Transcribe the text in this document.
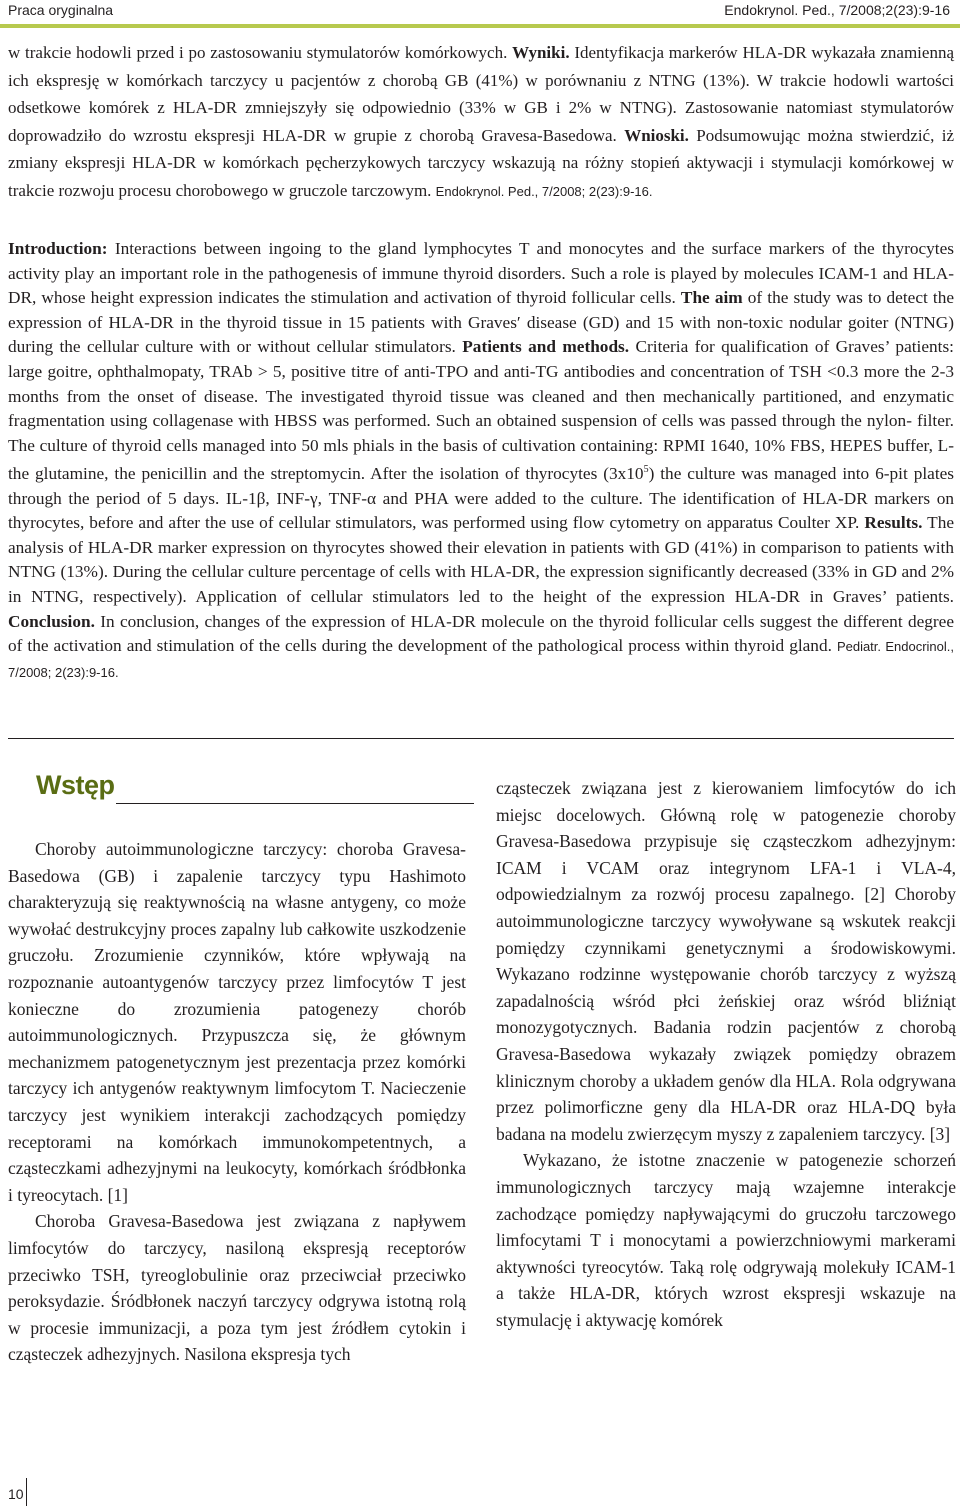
Praca oryginalna	Endokrynol. Ped., 7/2008;2(23):9-16
w trakcie hodowli przed i po zastosowaniu stymulatorów komórkowych. Wyniki. Identyfikacja markerów HLA-DR wykazała znamienną ich ekspresję w komórkach tarczycy u pacjentów z chorobą GB (41%) w porównaniu z NTNG (13%). W trakcie hodowli wartości odsetkowe komórek z HLA-DR zmniejszyły się odpowiednio (33% w GB i 2% w NTNG). Zastosowanie natomiast stymulatorów doprowadziło do wzrostu ekspresji HLA-DR w grupie z chorobą Gravesa-Basedowa. Wnioski. Podsumowując można stwierdzić, iż zmiany ekspresji HLA-DR w komórkach pęcherzykowych tarczycy wskazują na różny stopień aktywacji i stymulacji komórkowej w trakcie rozwoju procesu chorobowego w gruczole tarczowym. Endokrynol. Ped., 7/2008; 2(23):9-16.
Introduction: Interactions between ingoing to the gland lymphocytes T and monocytes and the surface markers of the thyrocytes activity play an important role in the pathogenesis of immune thyroid disorders. Such a role is played by molecules ICAM-1 and HLA-DR, whose height expression indicates the stimulation and activation of thyroid follicular cells. The aim of the study was to detect the expression of HLA-DR in the thyroid tissue in 15 patients with Graves′ disease (GD) and 15 with non-toxic nodular goiter (NTNG) during the cellular culture with or without cellular stimulators. Patients and methods. Criteria for qualification of Graves’ patients: large goitre, ophthalmopaty, TRAb > 5, positive titre of anti-TPO and anti-TG antibodies and concentration of TSH <0.3 more the 2-3 months from the onset of disease. The investigated thyroid tissue was cleaned and then mechanically partitioned, and enzymatic fragmentation using collagenase with HBSS was performed. Such an obtained suspension of cells was passed through the nylon- filter. The culture of thyroid cells managed into 50 mls phials in the basis of cultivation containing: RPMI 1640, 10% FBS, HEPES buffer, L-the glutamine, the penicillin and the streptomycin. After the isolation of thyrocytes $(3x10^5)$ the culture was managed into 6-pit plates through the period of 5 days. IL-1β, INF-γ, TNF-α and PHA were added to the culture. The identification of HLA-DR markers on thyrocytes, before and after the use of cellular stimulators, was performed using flow cytometry on apparatus Coulter XP. Results. The analysis of HLA-DR marker expression on thyrocytes showed their elevation in patients with GD (41%) in comparison to patients with NTNG (13%). During the cellular culture percentage of cells with HLA-DR, the expression significantly decreased (33% in GD and 2% in NTNG, respectively). Application of cellular stimulators led to the height of the expression HLA-DR in Graves’ patients. Conclusion. In conclusion, changes of the expression of HLA-DR molecule on the thyroid follicular cells suggest the different degree of the activation and stimulation of the cells during the development of the pathological process within thyroid gland. Pediatr. Endocrinol., 7/2008; 2(23):9-16.
Wstęp

Choroby autoimmunologiczne tarczycy: choroba Gravesa-Basedowa (GB) i zapalenie tarczycy typu Hashimoto charakteryzują się reaktywnością na własne antygeny, co może wywołać destrukcyjny proces zapalny lub całkowite uszkodzenie gruczołu. Zrozumienie czynników, które wpływają na rozpoznanie autoantygenów tarczycy przez limfocytów T jest konieczne do zrozumienia patogenezy chorób autoimmunologicznych. Przypuszcza się, że głównym mechanizmem patogenetycznym jest prezentacja przez komórki tarczycy ich antygenów reaktywnym limfocytom T. Nacieczenie tarczycy jest wynikiem interakcji zachodzących pomiędzy receptorami na komórkach immunokompetentnych, a cząsteczkami adhezyjnymi na leukocyty, komórkach śródbłonka i tyreocytach. [1]

Choroba Gravesa-Basedowa jest związana z napływem limfocytów do tarczycy, nasiloną ekspresją receptorów przeciwko TSH, tyreoglobulinie oraz przeciwciał przeciwko peroksydazie. Śródbłonek naczyń tarczycy odgrywa istotną rolą w procesie immunizacji, a poza tym jest źródłem cytokin i cząsteczek adhezyjnych. Nasilona ekspresja tych

cząsteczek związana jest z kierowaniem limfocytów do ich miejsc docelowych. Główną rolę w patogenezie choroby Gravesa-Basedowa przypisuje się cząsteczkom adhezyjnym: ICAM i VCAM oraz integrynom LFA-1 i VLA-4, odpowiedzialnym za rozwój procesu zapalnego. [2] Choroby autoimmunologiczne tarczycy wywoływane są wskutek reakcji pomiędzy czynnikami genetycznymi a środowiskowymi. Wykazano rodzinne występowanie chorób tarczycy z wyższą zapadalnością wśród płci żeńskiej oraz wśród bliźniąt monozygotycznych. Badania rodzin pacjentów z chorobą Gravesa-Basedowa wykazały związek pomiędzy obrazem klinicznym choroby a układem genów dla HLA. Rola odgrywana przez polimorficzne geny dla HLA-DR oraz HLA-DQ była badana na modelu zwierzęcym myszy z zapaleniem tarczycy. [3]

Wykazano, że istotne znaczenie w patogenezie schorzeń immunologicznych tarczycy mają wzajemne interakcje zachodzące pomiędzy napływającymi do gruczołu tarczowego limfocytami T i monocytami a powierzchniowymi markerami aktywności tyreocytów. Taką rolę odgrywają molekuły ICAM-1 a także HLA-DR, których wzrost ekspresji wskazuje na stymulację i aktywację komórek

10
